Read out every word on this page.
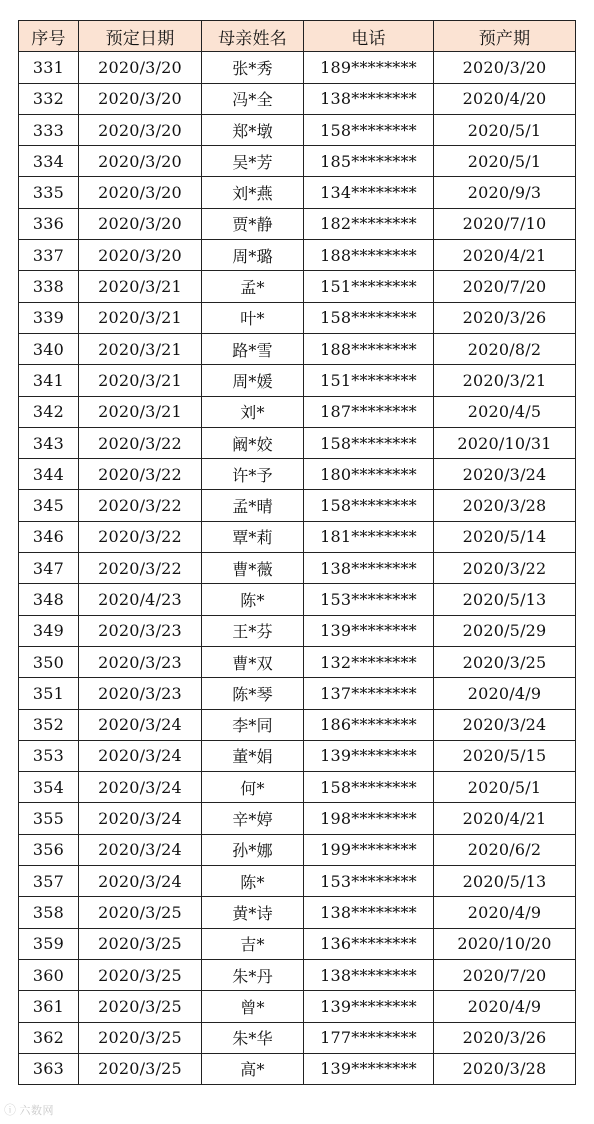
序号	预定日期	母亲姓名	电话	预产期
331	2020/3/20	张*秀	189********	2020/3/20
332	2020/3/20	冯*全	138********	2020/4/20
333	2020/3/20	郑*墩	158********	2020/5/1
334	2020/3/20	吴*芳	185********	2020/5/1
335	2020/3/20	刘*燕	134********	2020/9/3
336	2020/3/20	贾*静	182********	2020/7/10
337	2020/3/20	周*璐	188********	2020/4/21
338	2020/3/21	孟*	151********	2020/7/20
339	2020/3/21	叶*	158********	2020/3/26
340	2020/3/21	路*雪	188********	2020/8/2
341	2020/3/21	周*媛	151********	2020/3/21
342	2020/3/21	刘*	187********	2020/4/5
343	2020/3/22	阚*姣	158********	2020/10/31
344	2020/3/22	许*予	180********	2020/3/24
345	2020/3/22	孟*晴	158********	2020/3/28
346	2020/3/22	覃*莉	181********	2020/5/14
347	2020/3/22	曹*薇	138********	2020/3/22
348	2020/4/23	陈*	153********	2020/5/13
349	2020/3/23	王*芬	139********	2020/5/29
350	2020/3/23	曹*双	132********	2020/3/25
351	2020/3/23	陈*琴	137********	2020/4/9
352	2020/3/24	李*同	186********	2020/3/24
353	2020/3/24	董*娟	139********	2020/5/15
354	2020/3/24	何*	158********	2020/5/1
355	2020/3/24	辛*婷	198********	2020/4/21
356	2020/3/24	孙*娜	199********	2020/6/2
357	2020/3/24	陈*	153********	2020/5/13
358	2020/3/25	黄*诗	138********	2020/4/9
359	2020/3/25	吉*	136********	2020/10/20
360	2020/3/25	朱*丹	138********	2020/7/20
361	2020/3/25	曾*	139********	2020/4/9
362	2020/3/25	朱*华	177********	2020/3/26
363	2020/3/25	高*	139********	2020/3/28
ⓘ 六数网
